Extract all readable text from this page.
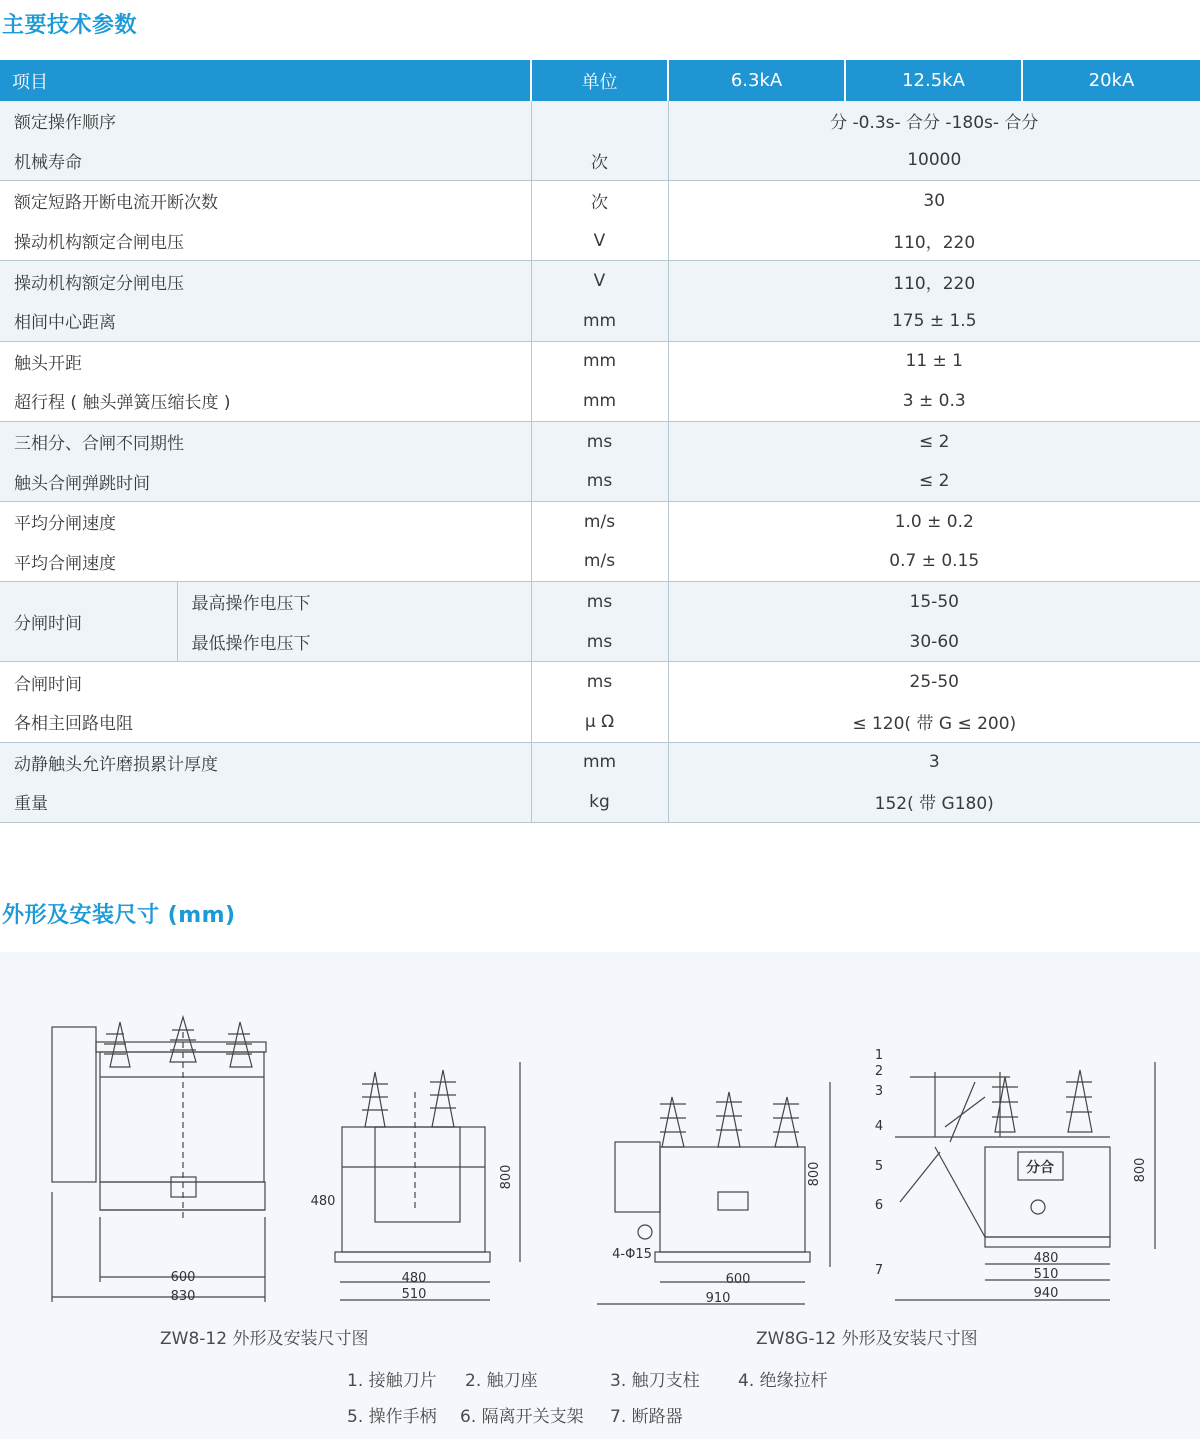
主要技术参数
项目		单位	6.3kA	12.5kA	20kA
额定操作顺序			分 -0.3s- 合分 -180s- 合分		
机械寿命		次	10000		
额定短路开断电流开断次数		次	30		
操动机构额定合闸电压		V	110，220		
操动机构额定分闸电压		V	110，220		
相间中心距离		mm	175 ± 1.5		
触头开距		mm	11 ± 1		
超行程 ( 触头弹簧压缩长度 )		mm	3 ± 0.3		
三相分、合闸不同期性		ms	≤ 2		
触头合闸弹跳时间		ms	≤ 2		
平均分闸速度		m/s	1.0 ± 0.2		
平均合闸速度		m/s	0.7 ± 0.15		
分闸时间	最高操作电压下	ms	15-50		
	最低操作电压下	ms	30-60		
合闸时间		ms	25-50		
各相主回路电阻		μ Ω	≤ 120( 带 G ≤ 200)		
动静触头允许磨损累计厚度		mm	3		
重量		kg	152( 带 G180)		
外形及安装尺寸 (mm)
600
830
480
800
480
510
800
4-Φ15
600
910
分合	800
480
510
940
1
2
3
4
5
6
7
ZW8-12 外形及安装尺寸图	ZW8G-12 外形及安装尺寸图
1. 接触刀片 2. 触刀座	3. 触刀支柱 4. 绝缘拉杆
5. 操作手柄 6. 隔离开关支架 7. 断路器
